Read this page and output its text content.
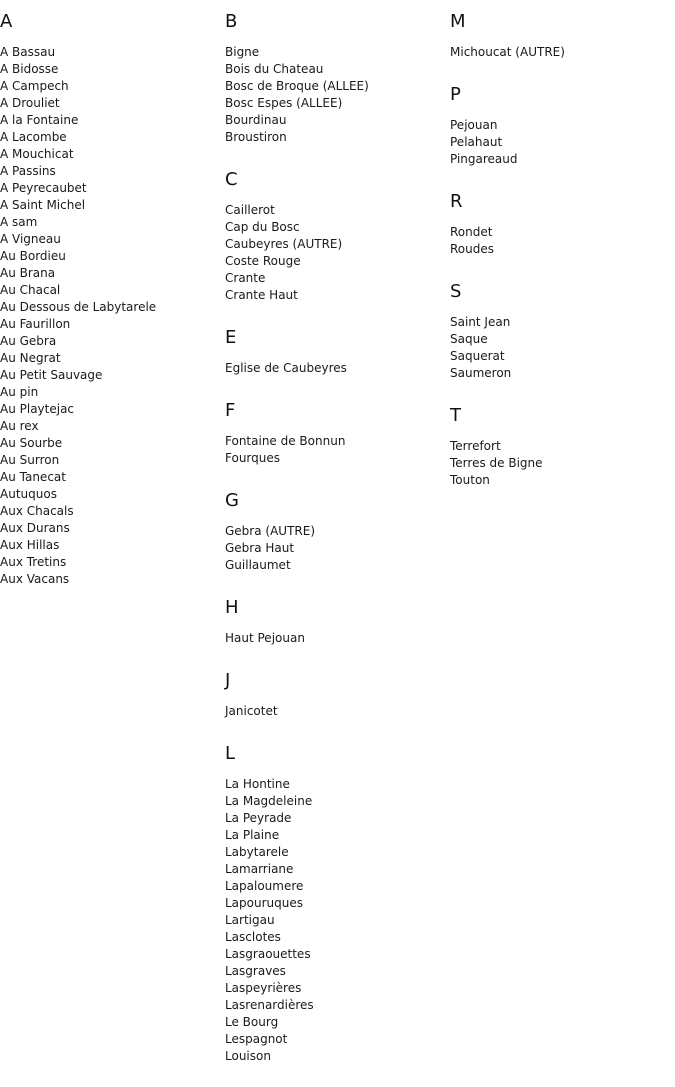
A
A Bassau
A Bidosse
A Campech
A Drouliet
A la Fontaine
A Lacombe
A Mouchicat
A Passins
A Peyrecaubet
A Saint Michel
A sam
A Vigneau
Au Bordieu
Au Brana
Au Chacal
Au Dessous de Labytarele
Au Faurillon
Au Gebra
Au Negrat
Au Petit Sauvage
Au pin
Au Playtejac
Au rex
Au Sourbe
Au Surron
Au Tanecat
Autuquos
Aux Chacals
Aux Durans
Aux Hillas
Aux Tretins
Aux Vacans
B
Bigne
Bois du Chateau
Bosc de Broque (ALLEE)
Bosc Espes (ALLEE)
Bourdinau
Broustiron
C
Caillerot
Cap du Bosc
Caubeyres (AUTRE)
Coste Rouge
Crante
Crante Haut
E
Eglise de Caubeyres
F
Fontaine de Bonnun
Fourques
G
Gebra (AUTRE)
Gebra Haut
Guillaumet
H
Haut Pejouan
J
Janicotet
L
La Hontine
La Magdeleine
La Peyrade
La Plaine
Labytarele
Lamarriane
Lapaloumere
Lapouruques
Lartigau
Lasclotes
Lasgraouettes
Lasgraves
Laspeyrières
Lasrenardières
Le Bourg
Lespagnot
Louison
M
Michoucat (AUTRE)
P
Pejouan
Pelahaut
Pingareaud
R
Rondet
Roudes
S
Saint Jean
Saque
Saquerat
Saumeron
T
Terrefort
Terres de Bigne
Touton
